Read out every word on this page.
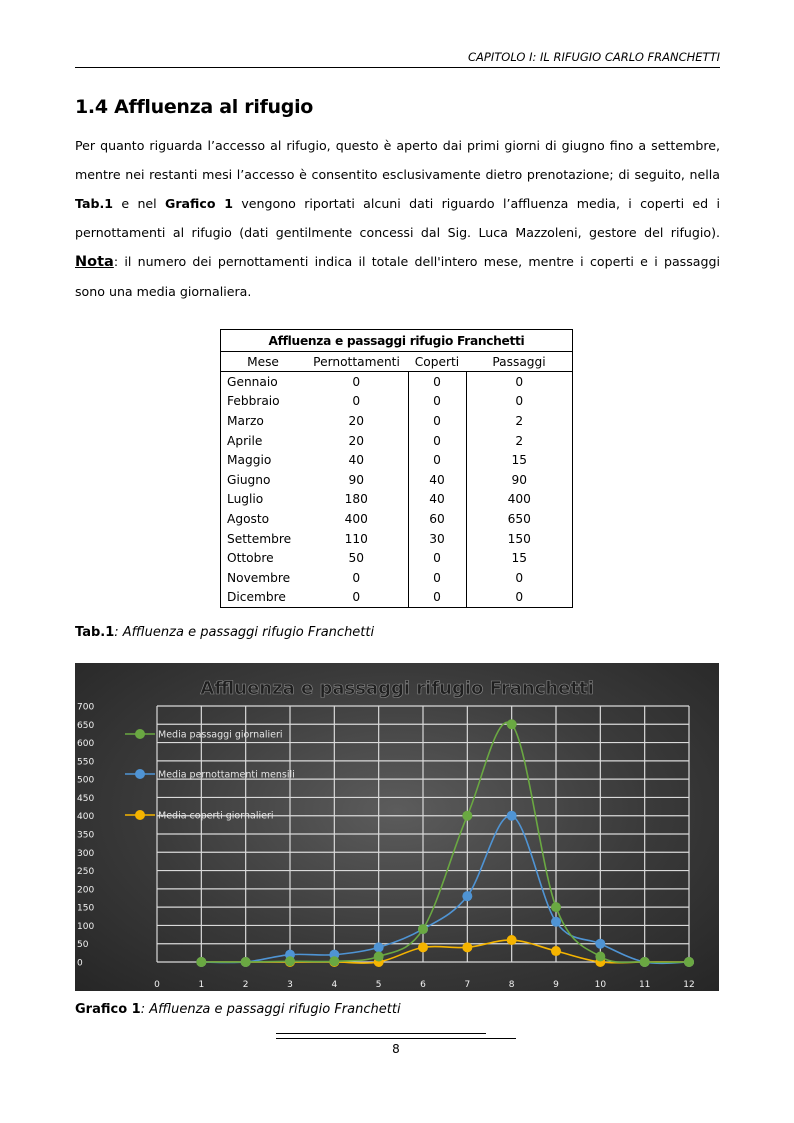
CAPITOLO I: IL RIFUGIO CARLO FRANCHETTI
1.4 Affluenza al rifugio
Per quanto riguarda l’accesso al rifugio, questo è aperto dai primi giorni di giugno fino a settembre, mentre nei restanti mesi l’accesso è consentito esclusivamente dietro prenotazione; di seguito, nella Tab.1 e nel Grafico 1 vengono riportati alcuni dati riguardo l’affluenza media, i coperti ed i pernottamenti al rifugio (dati gentilmente concessi dal Sig. Luca Mazzoleni, gestore del rifugio). Nota: il numero dei pernottamenti indica il totale dell'intero mese, mentre i coperti e i passaggi sono una media giornaliera.
Affluenza e passaggi rifugio Franchetti			
Mese	Pernottamenti	Coperti	Passaggi
Gennaio	0	0	0
Febbraio	0	0	0
Marzo	20	0	2
Aprile	20	0	2
Maggio	40	0	15
Giugno	90	40	90
Luglio	180	40	400
Agosto	400	60	650
Settembre	110	30	150
Ottobre	50	0	15
Novembre	0	0	0
Dicembre	0	0	0
Tab.1: Affluenza e passaggi rifugio Franchetti
Affluenza e passaggi rifugio Franchetti
0
50
100
150
200
250
300
350
400
450
500
550
600
650
700
0	1	2	3	4	5	6	7	8	9	10	11	12
Media passaggi giornalieri
Media pernottamenti mensili
Media coperti giornalieri
Grafico 1: Affluenza e passaggi rifugio Franchetti
8
